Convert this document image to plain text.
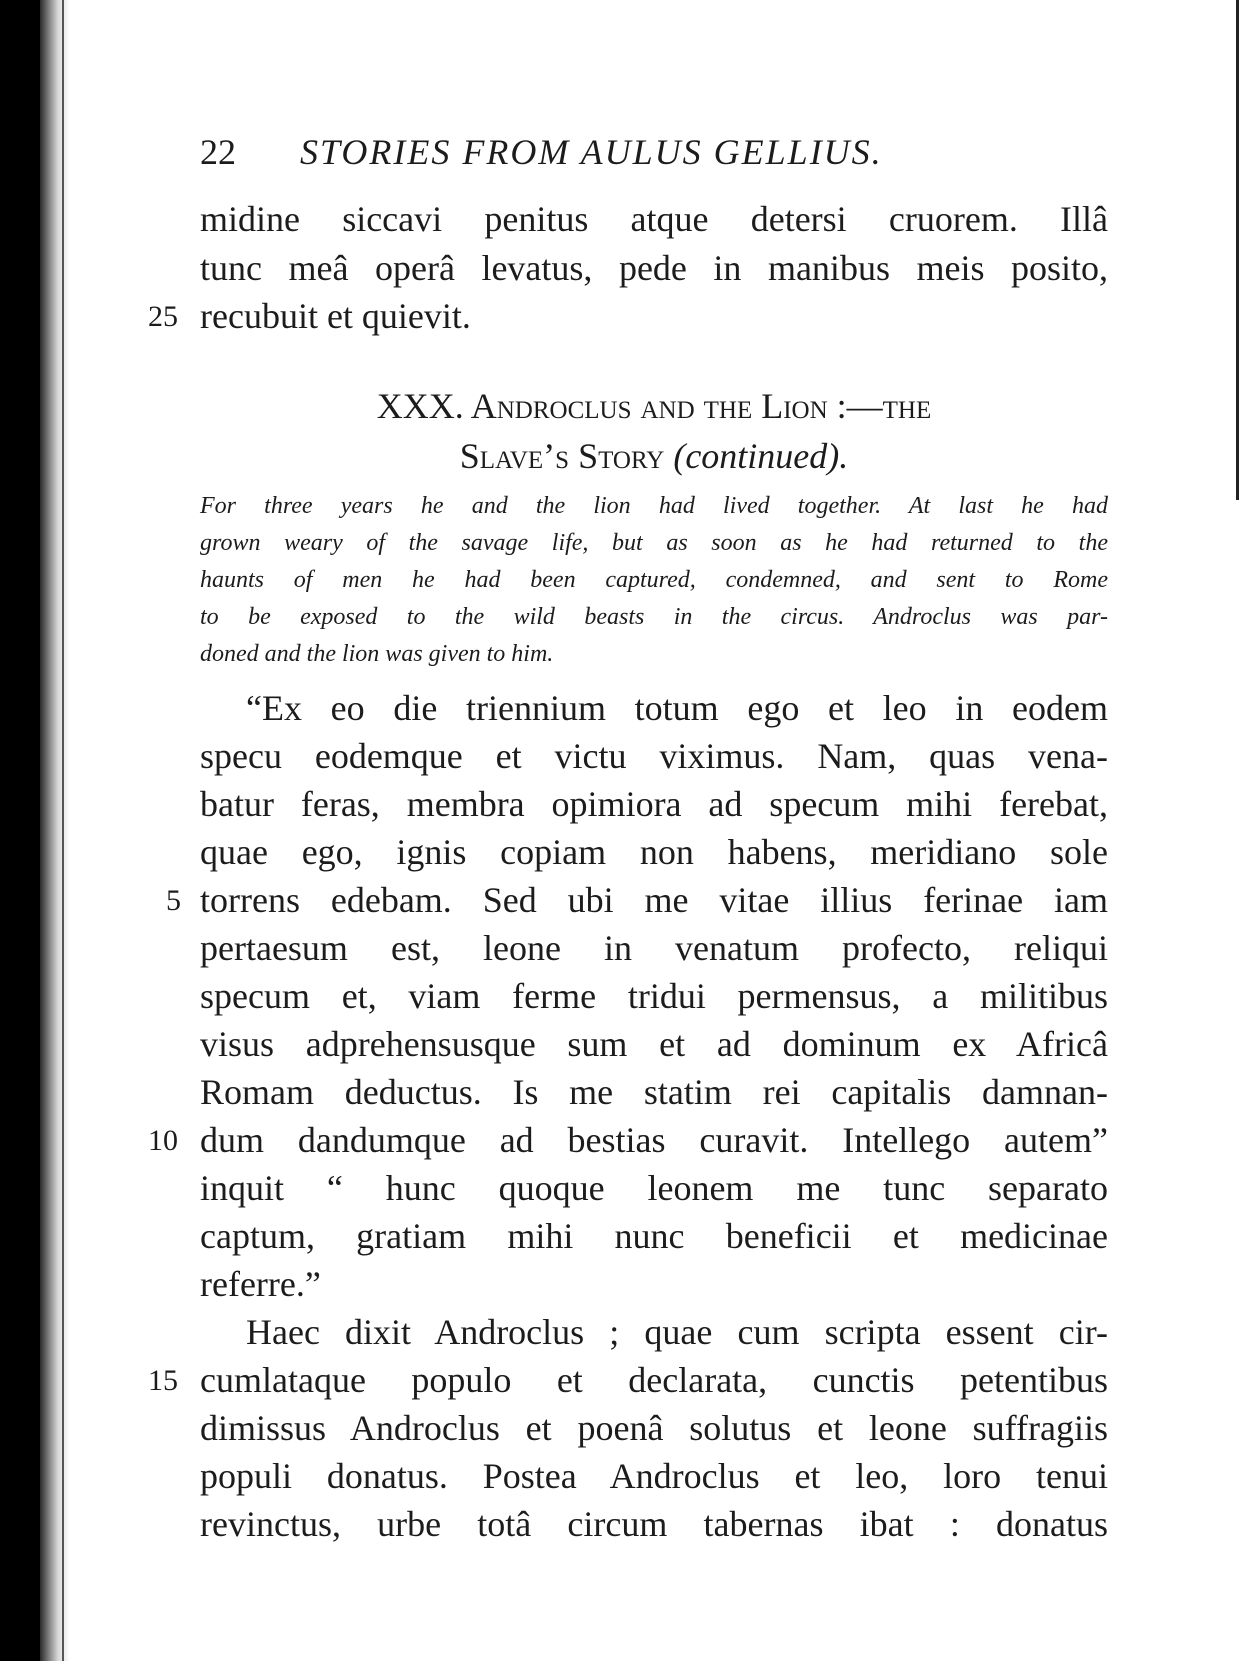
22 STORIES FROM AULUS GELLIUS.
midine siccavi penitus atque detersi cruorem. Illâ
tunc meâ operâ levatus, pede in manibus meis posito,
25 recubuit et quievit.
XXX. Androclus and the Lion :—the
Slave’s Story (continued).
For three years he and the lion had lived together. At last he had
grown weary of the savage life, but as soon as he had returned to the
haunts of men he had been captured, condemned, and sent to Rome
to be exposed to the wild beasts in the circus. Androclus was par-
doned and the lion was given to him.
“Ex eo die triennium totum ego et leo in eodem
specu eodemque et victu viximus. Nam, quas vena-
batur feras, membra opimiora ad specum mihi ferebat,
quae ego, ignis copiam non habens, meridiano sole
5 torrens edebam. Sed ubi me vitae illius ferinae iam
pertaesum est, leone in venatum profecto, reliqui
specum et, viam ferme tridui permensus, a militibus
visus adprehensusque sum et ad dominum ex Africâ
Romam deductus. Is me statim rei capitalis damnan-
10 dum dandumque ad bestias curavit. Intellego autem”
inquit “ hunc quoque leonem me tunc separato
captum, gratiam mihi nunc beneficii et medicinae
referre.”
Haec dixit Androclus ; quae cum scripta essent cir-
15 cumlataque populo et declarata, cunctis petentibus
dimissus Androclus et poenâ solutus et leone suffragiis
populi donatus. Postea Androclus et leo, loro tenui
revinctus, urbe totâ circum tabernas ibat : donatus
